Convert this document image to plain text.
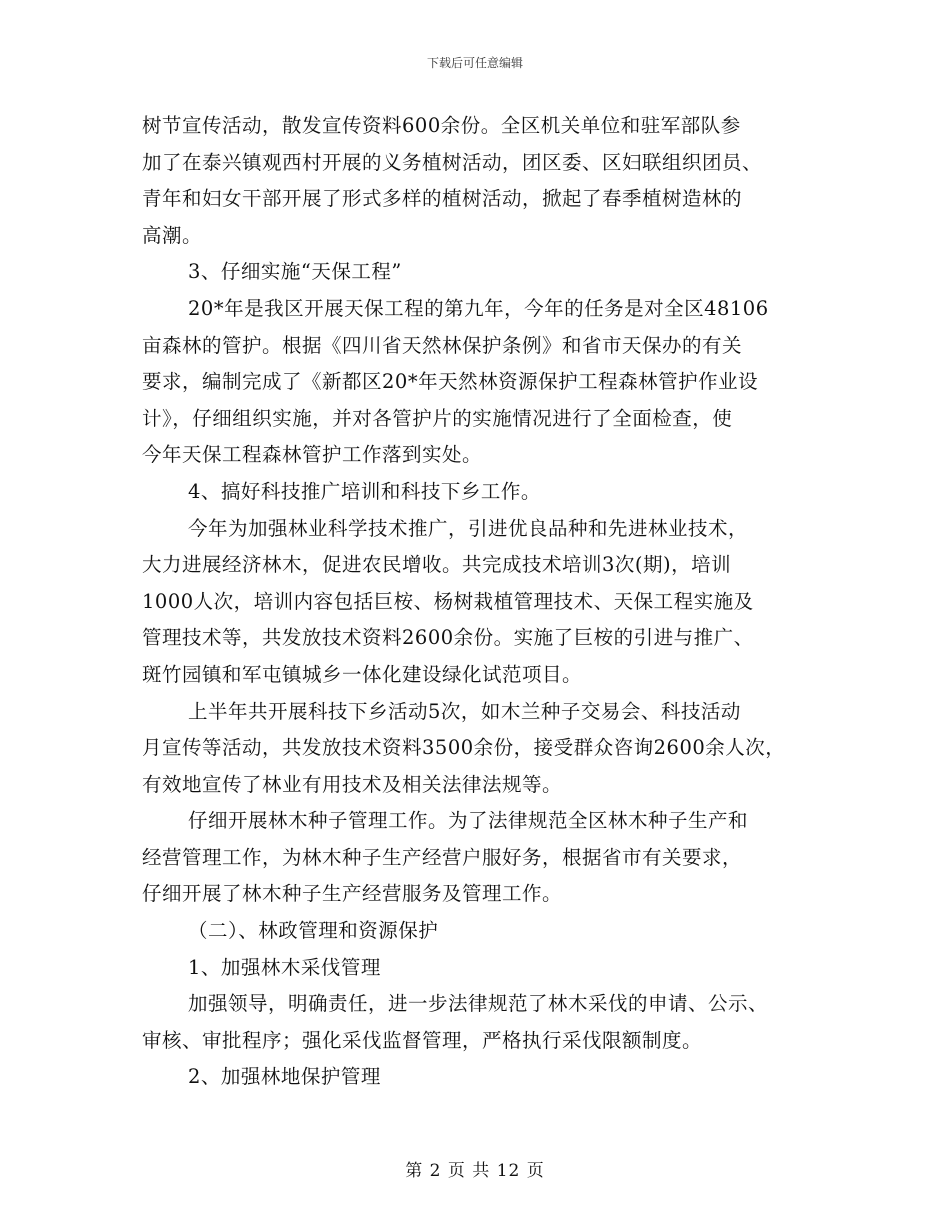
下载后可任意编辑
树节宣传活动，散发宣传资料600余份。全区机关单位和驻军部队参
加了在泰兴镇观西村开展的义务植树活动，团区委、区妇联组织团员、
青年和妇女干部开展了形式多样的植树活动，掀起了春季植树造林的
高潮。
3、仔细实施“天保工程”
20*年是我区开展天保工程的第九年，今年的任务是对全区48106
亩森林的管护。根据《四川省天然林保护条例》和省市天保办的有关
要求，编制完成了《新都区20*年天然林资源保护工程森林管护作业设
计》，仔细组织实施，并对各管护片的实施情况进行了全面检查，使
今年天保工程森林管护工作落到实处。
4、搞好科技推广培训和科技下乡工作。
今年为加强林业科学技术推广，引进优良品种和先进林业技术，
大力进展经济林木，促进农民增收。共完成技术培训3次(期)，培训
1000人次，培训内容包括巨桉、杨树栽植管理技术、天保工程实施及
管理技术等，共发放技术资料2600余份。实施了巨桉的引进与推广、
斑竹园镇和军屯镇城乡一体化建设绿化试范项目。
上半年共开展科技下乡活动5次，如木兰种子交易会、科技活动
月宣传等活动，共发放技术资料3500余份，接受群众咨询2600余人次，
有效地宣传了林业有用技术及相关法律法规等。
仔细开展林木种子管理工作。为了法律规范全区林木种子生产和
经营管理工作，为林木种子生产经营户服好务，根据省市有关要求，
仔细开展了林木种子生产经营服务及管理工作。
（二）、林政管理和资源保护
1、加强林木采伐管理
加强领导，明确责任，进一步法律规范了林木采伐的申请、公示、
审核、审批程序；强化采伐监督管理，严格执行采伐限额制度。
2、加强林地保护管理
第 2 页 共 12 页
